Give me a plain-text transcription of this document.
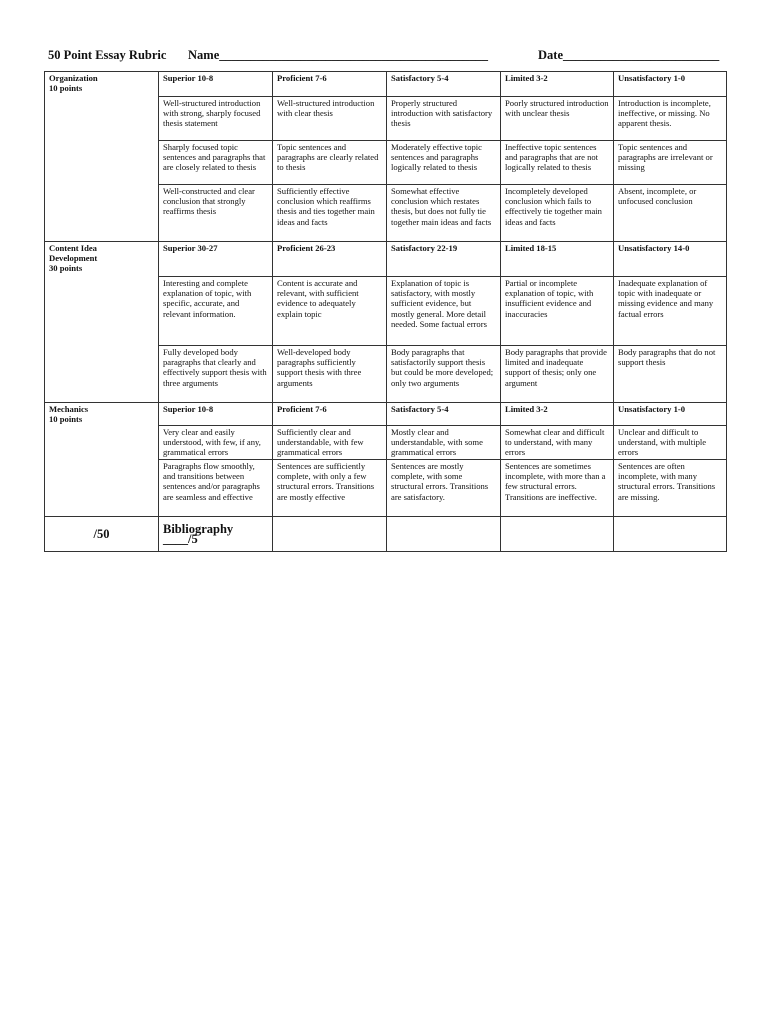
50 Point Essay Rubric Name___________________________________________	Date_________________________
Organization
10 points	Superior 10-8	Proficient 7-6	Satisfactory 5-4	Limited 3-2	Unsatisfactory 1-0
	Well-structured introduction with strong, sharply focused thesis statement	Well-structured introduction with clear thesis	Properly structured introduction with satisfactory thesis	Poorly structured introduction with unclear thesis	Introduction is incomplete, ineffective, or missing. No apparent thesis.
	Sharply focused topic sentences and paragraphs that are closely related to thesis	Topic sentences and paragraphs are clearly related to thesis	Moderately effective topic sentences and paragraphs logically related to thesis	Ineffective topic sentences and paragraphs that are not logically related to thesis	Topic sentences and paragraphs are irrelevant or missing
	Well-constructed and clear conclusion that strongly reaffirms thesis	Sufficiently effective conclusion which reaffirms thesis and ties together main ideas and facts	Somewhat effective conclusion which restates thesis, but does not fully tie together main ideas and facts	Incompletely developed conclusion which fails to effectively tie together main ideas and facts	Absent, incomplete, or unfocused conclusion
Content Idea
Development
30 points	Superior 30-27	Proficient 26-23	Satisfactory 22-19	Limited 18-15	Unsatisfactory 14-0
	Interesting and complete explanation of topic, with specific, accurate, and relevant information.	Content is accurate and relevant, with sufficient evidence to adequately explain topic	Explanation of topic is satisfactory, with mostly sufficient evidence, but mostly general. More detail needed. Some factual errors	Partial or incomplete explanation of topic, with insufficient evidence and inaccuracies	Inadequate explanation of topic with inadequate or missing evidence and many factual errors
	Fully developed body paragraphs that clearly and effectively support thesis with three arguments	Well-developed body paragraphs sufficiently support thesis with three arguments	Body paragraphs that satisfactorily support thesis but could be more developed; only two arguments	Body paragraphs that provide limited and inadequate support of thesis; only one argument	Body paragraphs that do not support thesis
Mechanics
10 points	Superior 10-8	Proficient 7-6	Satisfactory 5-4	Limited 3-2	Unsatisfactory 1-0
	Very clear and easily understood, with few, if any, grammatical errors	Sufficiently clear and understandable, with few grammatical errors	Mostly clear and understandable, with some grammatical errors	Somewhat clear and difficult to understand, with many errors	Unclear and difficult to understand, with multiple errors
	Paragraphs flow smoothly, and transitions between sentences and/or paragraphs are seamless and effective	Sentences are sufficiently complete, with only a few structural errors. Transitions are mostly effective	Sentences are mostly complete, with some structural errors. Transitions are satisfactory.	Sentences are sometimes incomplete, with more than a few structural errors. Transitions are ineffective.	Sentences are often incomplete, with many structural errors. Transitions are missing.
/50	Bibliography ____/5				
